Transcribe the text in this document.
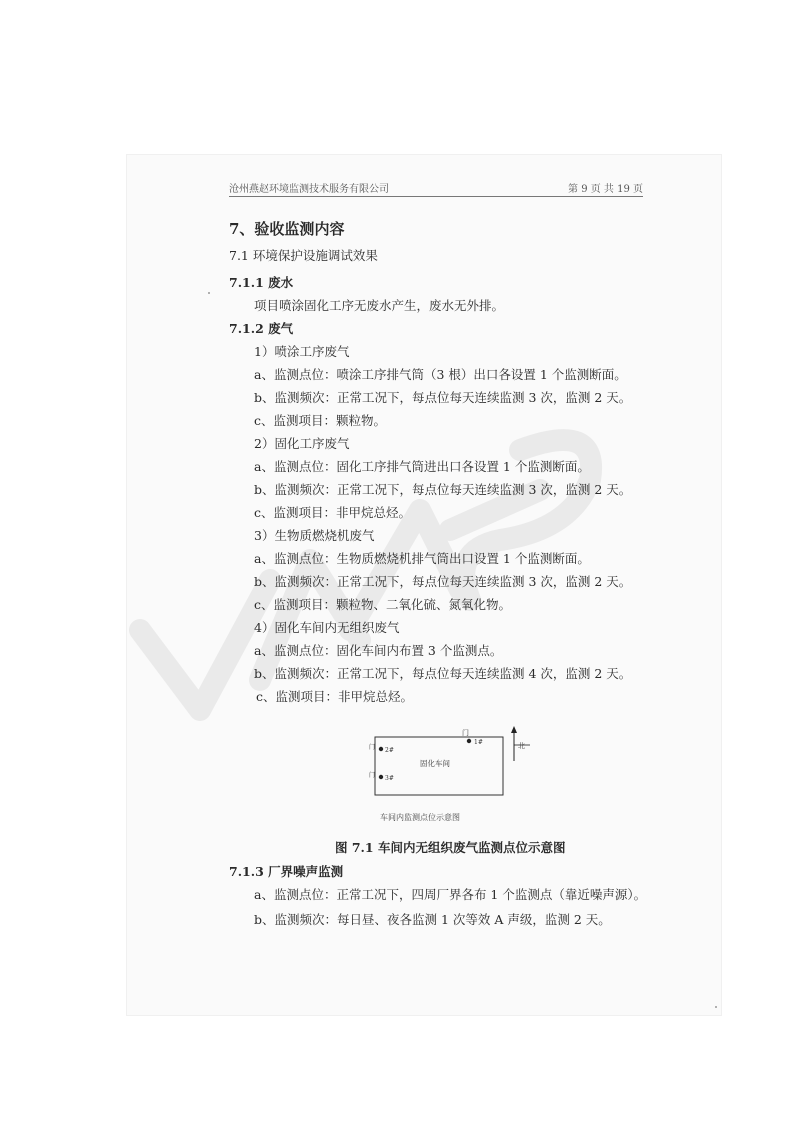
沧州燕赵环境监测技术服务有限公司	第 9 页 共 19 页
7、验收监测内容
7.1 环境保护设施调试效果
7.1.1 废水
项目喷涂固化工序无废水产生，废水无外排。
7.1.2 废气
1）喷涂工序废气
a、监测点位：喷涂工序排气筒（3 根）出口各设置 1 个监测断面。
b、监测频次：正常工况下，每点位每天连续监测 3 次，监测 2 天。
c、监测项目：颗粒物。
2）固化工序废气
a、监测点位：固化工序排气筒进出口各设置 1 个监测断面。
b、监测频次：正常工况下，每点位每天连续监测 3 次，监测 2 天。
c、监测项目：非甲烷总烃。
3）生物质燃烧机废气
a、监测点位：生物质燃烧机排气筒出口设置 1 个监测断面。
b、监测频次：正常工况下，每点位每天连续监测 3 次，监测 2 天。
c、监测项目：颗粒物、二氧化硫、氮氧化物。
4）固化车间内无组织废气
a、监测点位：固化车间内布置 3 个监测点。
b、监测频次：正常工况下，每点位每天连续监测 4 次，监测 2 天。
c、监测项目：非甲烷总烃。
门
1#
2#
3#
门
门
固化车间
北
车间内监测点位示意图
图 7.1 车间内无组织废气监测点位示意图
7.1.3 厂界噪声监测
a、监测点位：正常工况下，四周厂界各布 1 个监测点（靠近噪声源）。
b、监测频次：每日昼、夜各监测 1 次等效 A 声级，监测 2 天。
